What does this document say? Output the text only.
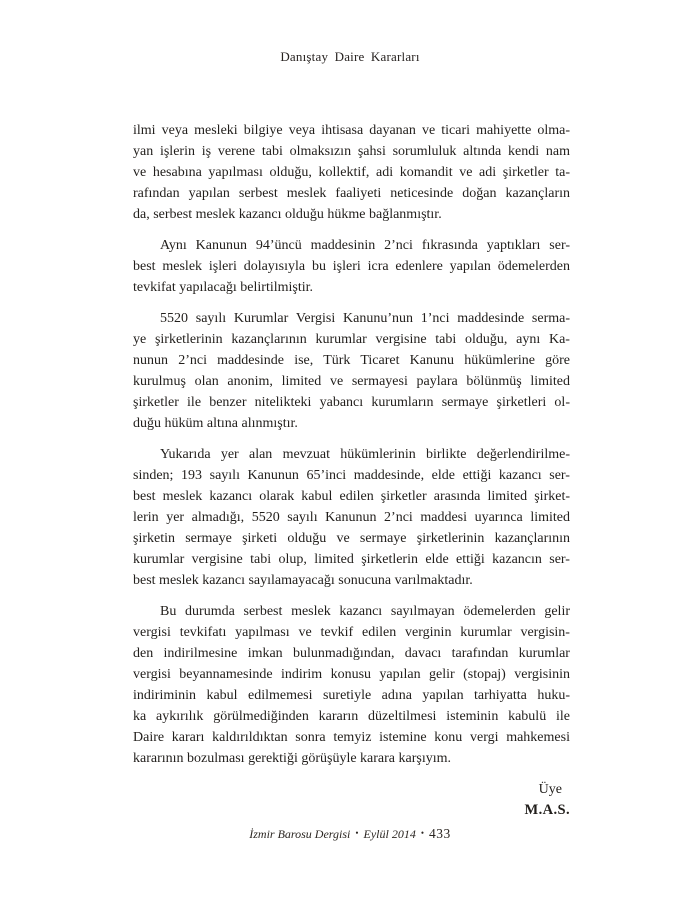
Danıştay Daire Kararları
ilmi veya mesleki bilgiye veya ihtisasa dayanan ve ticari mahiyette olma-
yan işlerin iş verene tabi olmaksızın şahsi sorumluluk altında kendi nam
ve hesabına yapılması olduğu, kollektif, adi komandit ve adi şirketler ta-
rafından yapılan serbest meslek faaliyeti neticesinde doğan kazançların
da, serbest meslek kazancı olduğu hükme bağlanmıştır.
Aynı Kanunun 94’üncü maddesinin 2’nci fıkrasında yaptıkları ser-
best meslek işleri dolayısıyla bu işleri icra edenlere yapılan ödemelerden
tevkifat yapılacağı belirtilmiştir.
5520 sayılı Kurumlar Vergisi Kanunu’nun 1’nci maddesinde serma-
ye şirketlerinin kazançlarının kurumlar vergisine tabi olduğu, aynı Ka-
nunun 2’nci maddesinde ise, Türk Ticaret Kanunu hükümlerine göre
kurulmuş olan anonim, limited ve sermayesi paylara bölünmüş limited
şirketler ile benzer nitelikteki yabancı kurumların sermaye şirketleri ol-
duğu hüküm altına alınmıştır.
Yukarıda yer alan mevzuat hükümlerinin birlikte değerlendirilme-
sinden; 193 sayılı Kanunun 65’inci maddesinde, elde ettiği kazancı ser-
best meslek kazancı olarak kabul edilen şirketler arasında limited şirket-
lerin yer almadığı, 5520 sayılı Kanunun 2’nci maddesi uyarınca limited
şirketin sermaye şirketi olduğu ve sermaye şirketlerinin kazançlarının
kurumlar vergisine tabi olup, limited şirketlerin elde ettiği kazancın ser-
best meslek kazancı sayılamayacağı sonucuna varılmaktadır.
Bu durumda serbest meslek kazancı sayılmayan ödemelerden gelir
vergisi tevkifatı yapılması ve tevkif edilen verginin kurumlar vergisin-
den indirilmesine imkan bulunmadığından, davacı tarafından kurumlar
vergisi beyannamesinde indirim konusu yapılan gelir (stopaj) vergisinin
indiriminin kabul edilmemesi suretiyle adına yapılan tarhiyatta huku-
ka aykırılık görülmediğinden kararın düzeltilmesi isteminin kabulü ile
Daire kararı kaldırıldıktan sonra temyiz istemine konu vergi mahkemesi
kararının bozulması gerektiği görüşüyle karara karşıyım.
Üye
M.A.S.
İzmir Barosu Dergisi • Eylül 2014 • 433
